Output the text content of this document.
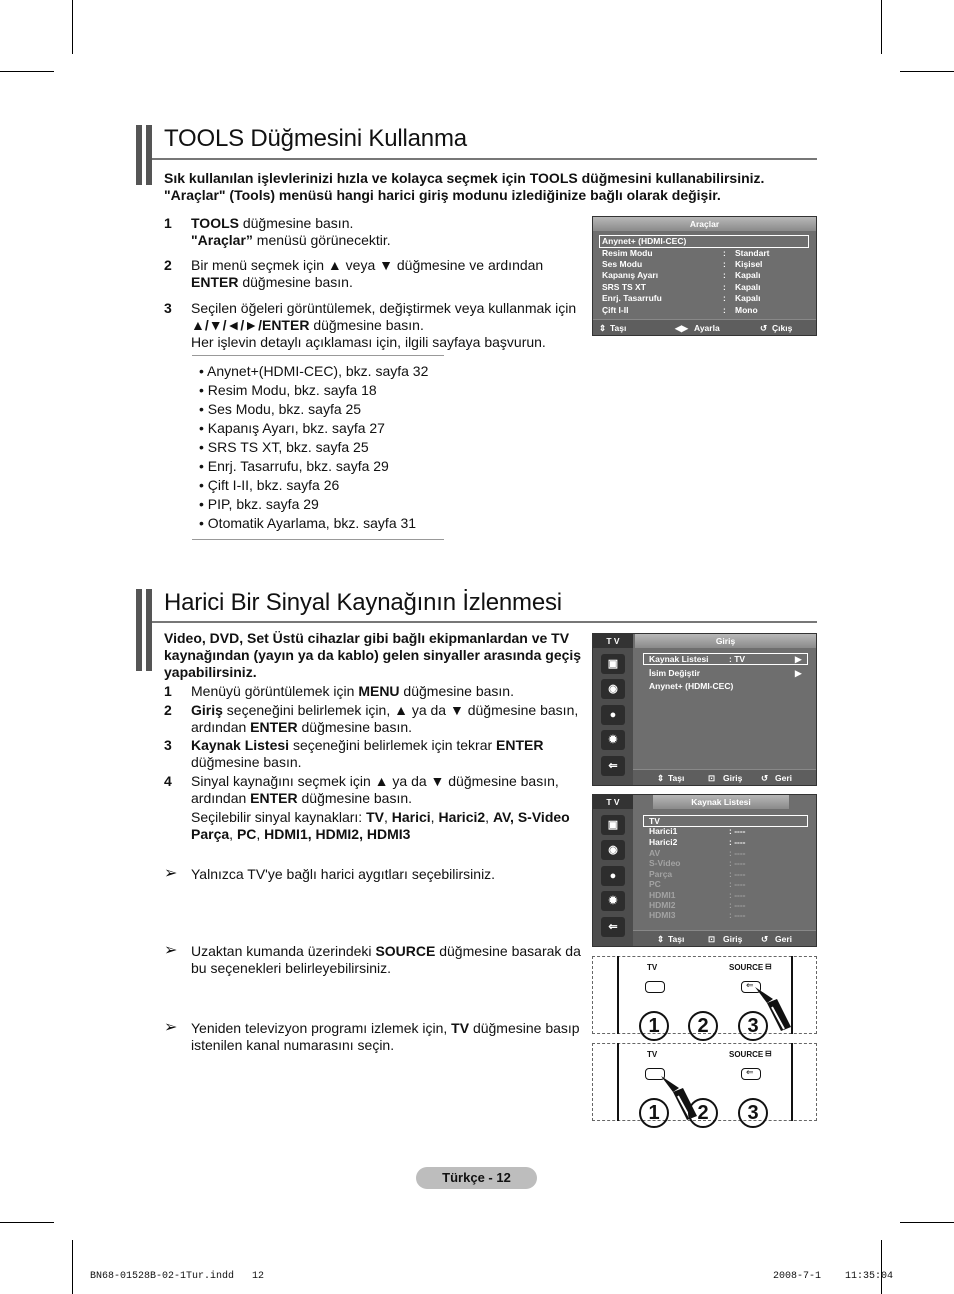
TOOLS Düğmesini Kullanma
Sık kullanılan işlevlerinizi hızla ve kolayca seçmek için TOOLS düğmesini kullanabilirsiniz.
"Araçlar" (Tools) menüsü hangi harici giriş modunu izlediğinize bağlı olarak değişir.
1 TOOLS düğmesine basın.
"Araçlar” menüsü görünecektir.
2 Bir menü seçmek için ▲ veya ▼ düğmesine ve ardından
ENTER düğmesine basın.
3 Seçilen öğeleri görüntülemek, değiştirmek veya kullanmak için
▲/▼/◄/►/ENTER düğmesine basın.
Her işlevin detaylı açıklaması için, ilgili sayfaya başvurun.
• Anynet+(HDMI-CEC), bkz. sayfa 32
• Resim Modu, bkz. sayfa 18
• Ses Modu, bkz. sayfa 25
• Kapanış Ayarı, bkz. sayfa 27
• SRS TS XT, bkz. sayfa 25
• Enrj. Tasarrufu, bkz. sayfa 29
• Çift I-II, bkz. sayfa 26
• PIP, bkz. sayfa 29
• Otomatik Ayarlama, bkz. sayfa 31
Araçlar
Anynet+ (HDMI-CEC)
Resim Modu	: Standart
Ses Modu	: Kişisel
Kapanış Ayarı	: Kapalı
SRS TS XT	: Kapalı
Enrj. Tasarrufu	: Kapalı
Çift I-II	: Mono
⇕ Taşı	◀▶ Ayarla	↺ Çıkış
Harici Bir Sinyal Kaynağının İzlenmesi
Video, DVD, Set Üstü cihazlar gibi bağlı ekipmanlardan ve TV
kaynağından (yayın ya da kablo) gelen sinyaller arasında geçiş
yapabilirsiniz.
1 Menüyü görüntülemek için MENU düğmesine basın.
2 Giriş seçeneğini belirlemek için, ▲ ya da ▼ düğmesine basın,
ardından ENTER düğmesine basın.
3 Kaynak Listesi seçeneğini belirlemek için tekrar ENTER
düğmesine basın.
4 Sinyal kaynağını seçmek için ▲ ya da ▼ düğmesine basın,
ardından ENTER düğmesine basın.
Seçilebilir sinyal kaynakları: TV, Harici, Harici2, AV, S-Video
Parça, PC, HDMI1, HDMI2, HDMI3
➢ Yalnızca TV'ye bağlı harici aygıtları seçebilirsiniz.
➢ Uzaktan kumanda üzerindeki SOURCE düğmesine basarak da
bu seçenekleri belirleyebilirsiniz.
➢ Yeniden televizyon programı izlemek için, TV düğmesine basıp
istenilen kanal numarasını seçin.
T V
▣
◉
●
✹
⇐
Giriş
Kaynak Listesi : TV	▶
İsim Değiştir	▶
Anynet+ (HDMI-CEC)
⇕ Taşı	⊡ Giriş ↺ Geri
T V
▣
◉
●
✹
⇐
Kaynak Listesi
TV
Harici1	: ----
Harici2	: ----
AV	: ----
S-Video	: ----
Parça	: ----
PC	: ----
HDMI1	: ----
HDMI2	: ----
HDMI3	: ----
⇕ Taşı	⊡ Giriş ↺ Geri
TV	SOURCE ⊟
⇐
1	2	3
TV	SOURCE ⊟
⇐
1	2	3
Türkçe - 12
BN68-01528B-02-1Tur.indd   12	2008-7-1    11:35:04
